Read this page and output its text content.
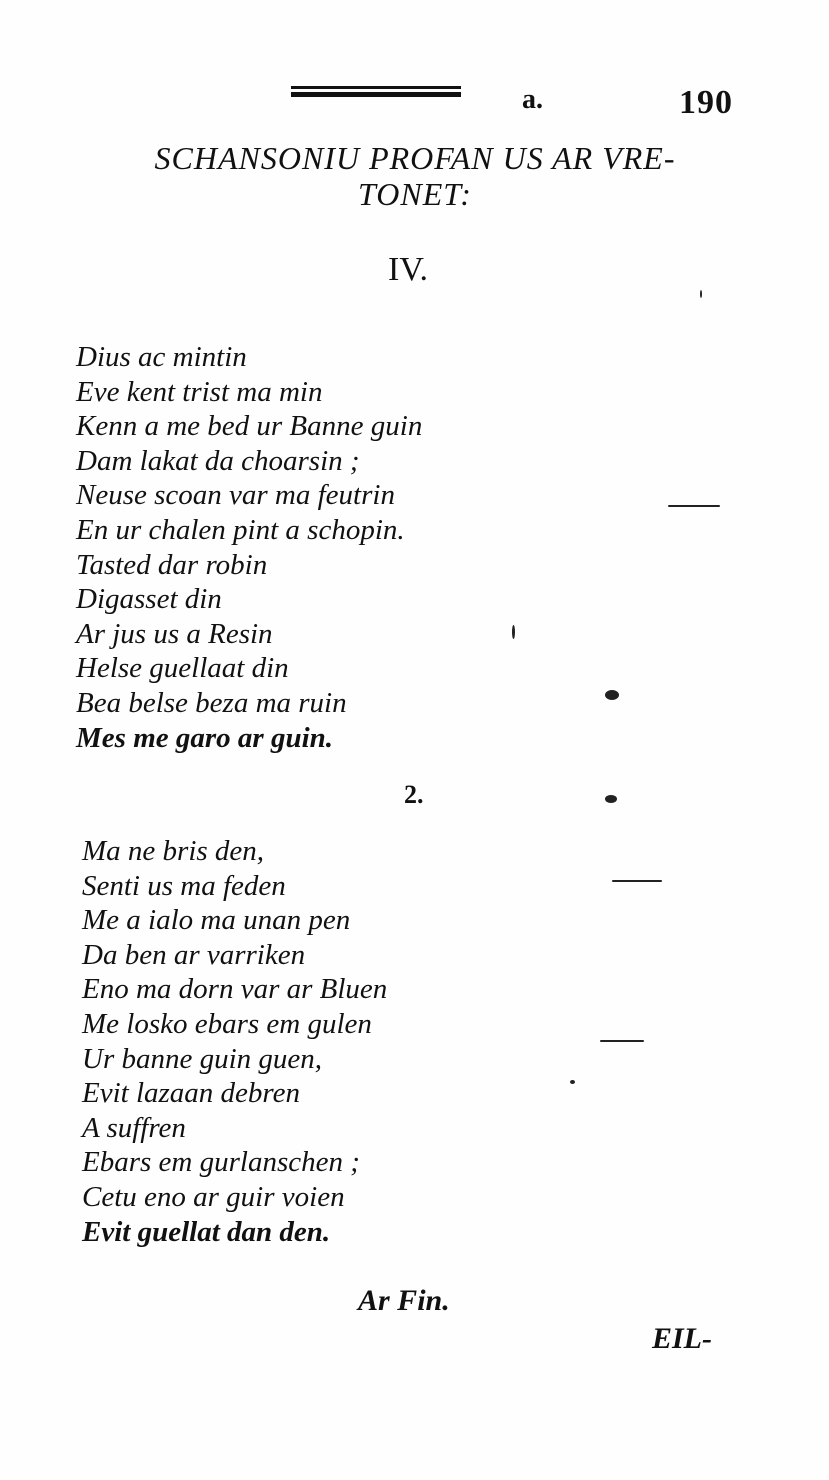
a.	190
SCHANSONIU PROFAN US AR VRE-
TONET:
IV.
Dius ac mintin
Eve kent trist ma min
Kenn a me bed ur Banne guin
Dam lakat da choarsin ;
Neuse scoan var ma feutrin
En ur chalen pint a schopin.
Tasted dar robin
Digasset din
Ar jus us a Resin
Helse guellaat din
Bea belse beza ma ruin
Mes me garo ar guin.
2.
Ma ne bris den,
Senti us ma feden
Me a ialo ma unan pen
Da ben ar varriken
Eno ma dorn var ar Bluen
Me losko ebars em gulen
Ur banne guin guen,
Evit lazaan debren
A suffren
Ebars em gurlanschen ;
Cetu eno ar guir voien
Evit guellat dan den.
Ar Fin.
EIL-
